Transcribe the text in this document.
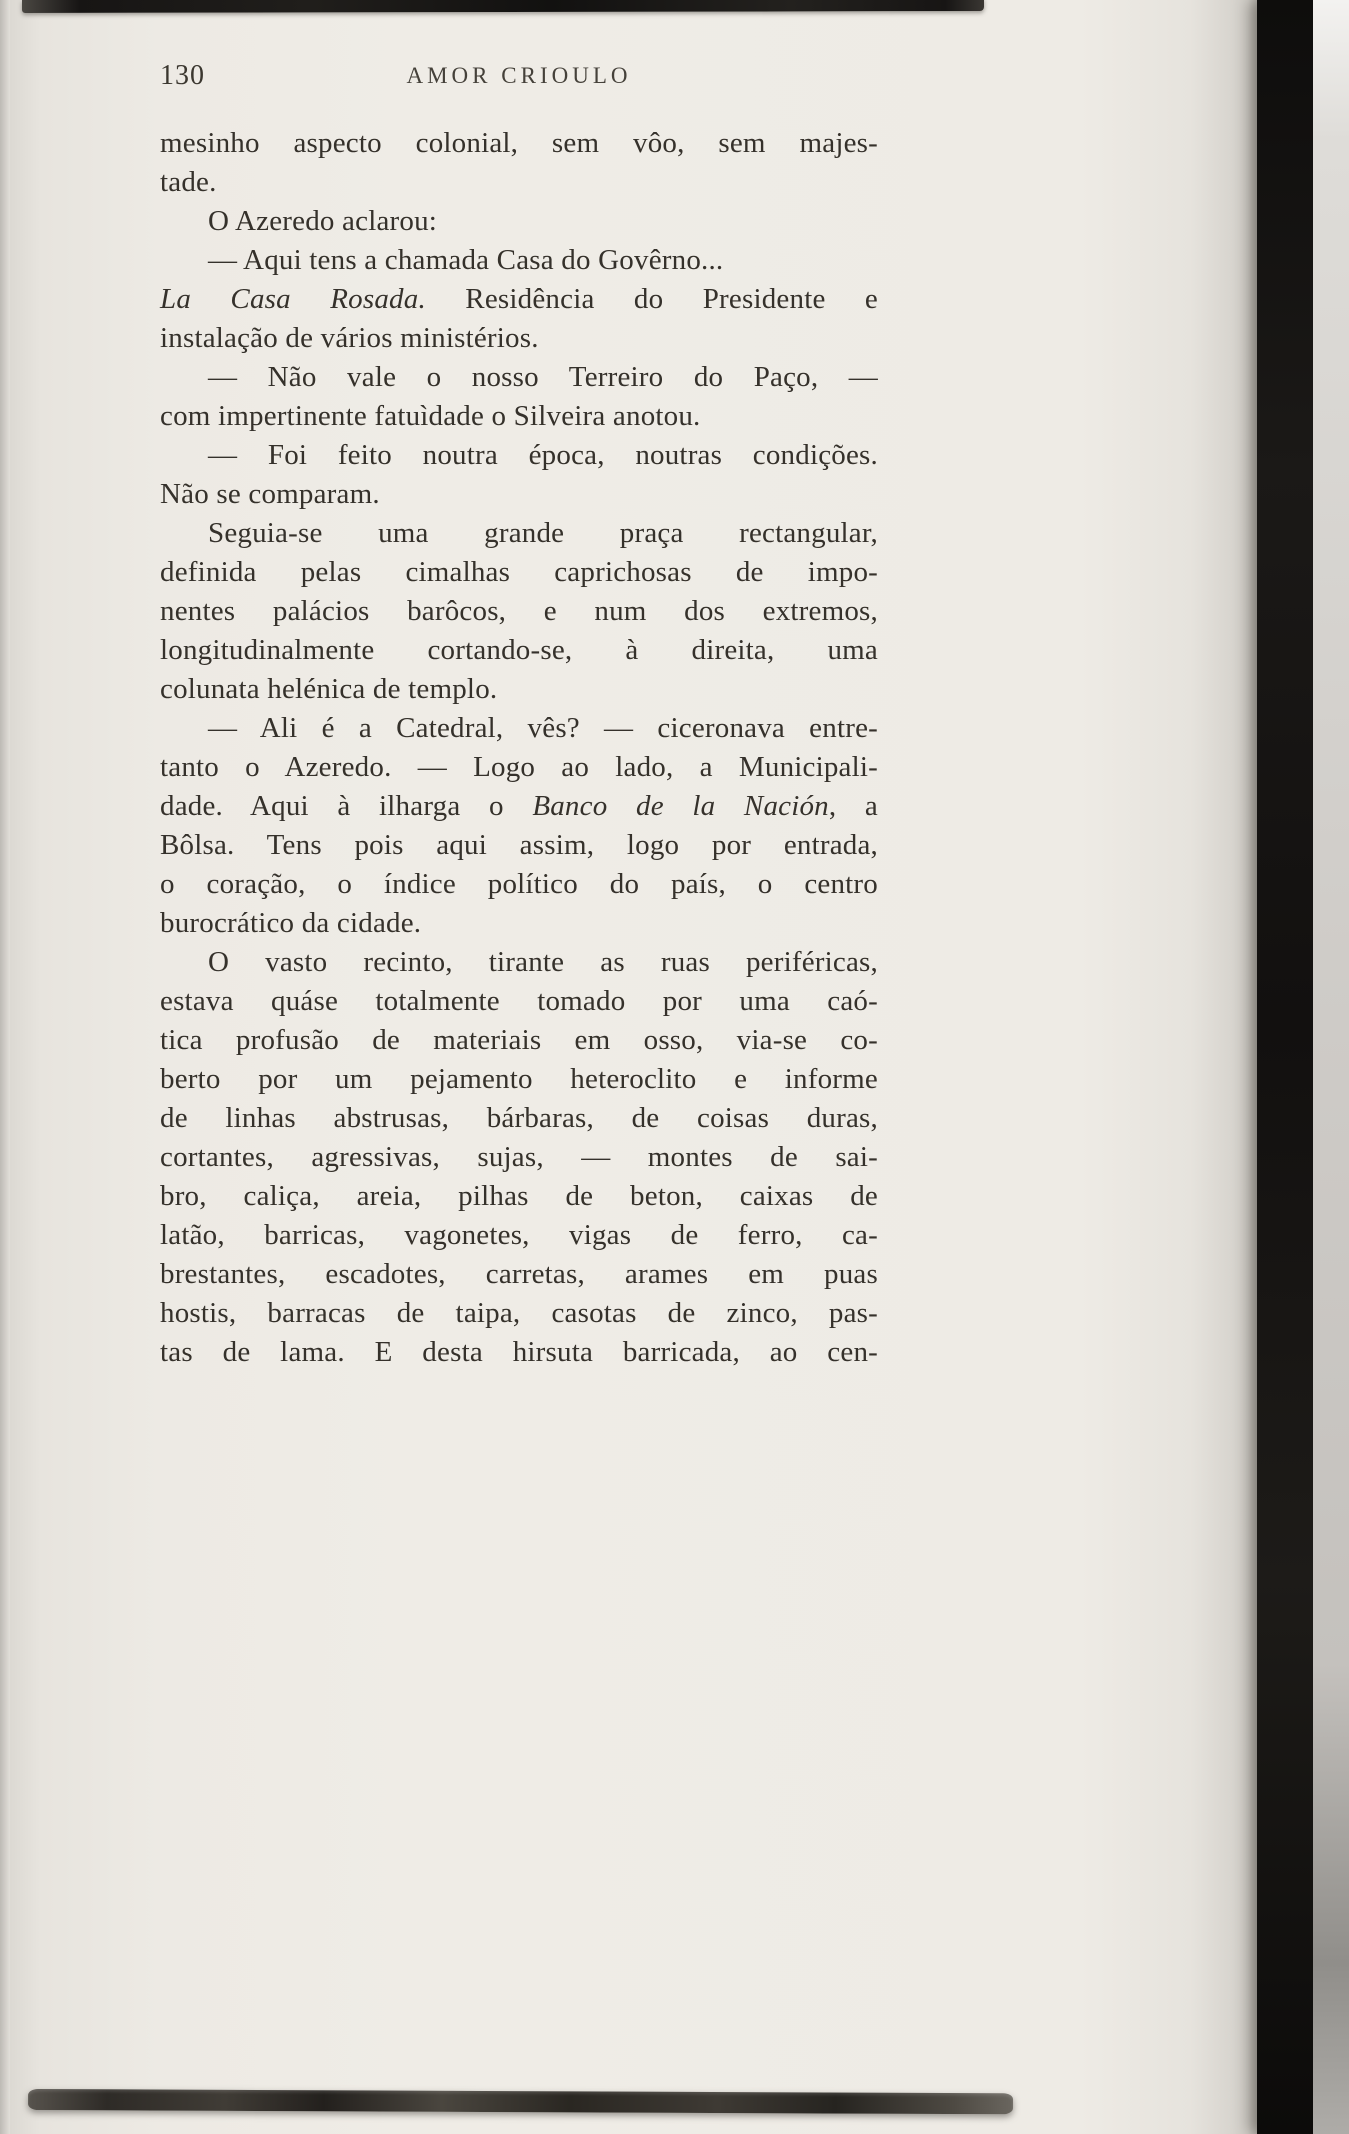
130	AMOR CRIOULO
mesinho aspecto colonial, sem vôo, sem majes-
tade.
O Azeredo aclarou:
— Aqui tens a chamada Casa do Govêrno...
La Casa Rosada. Residência do Presidente e
instalação de vários ministérios.
— Não vale o nosso Terreiro do Paço, —
com impertinente fatuìdade o Silveira anotou.
— Foi feito noutra época, noutras condições.
Não se comparam.
Seguia-se uma grande praça rectangular,
definida pelas cimalhas caprichosas de impo-
nentes palácios barôcos, e num dos extremos,
longitudinalmente cortando-se, à direita, uma
colunata helénica de templo.
— Ali é a Catedral, vês? — ciceronava entre-
tanto o Azeredo. — Logo ao lado, a Municipali-
dade. Aqui à ilharga o Banco de la Nación, a
Bôlsa. Tens pois aqui assim, logo por entrada,
o coração, o índice político do país, o centro
burocrático da cidade.
O vasto recinto, tirante as ruas periféricas,
estava quáse totalmente tomado por uma caó-
tica profusão de materiais em osso, via-se co-
berto por um pejamento heteroclito e informe
de linhas abstrusas, bárbaras, de coisas duras,
cortantes, agressivas, sujas, — montes de sai-
bro, caliça, areia, pilhas de beton, caixas de
latão, barricas, vagonetes, vigas de ferro, ca-
brestantes, escadotes, carretas, arames em puas
hostis, barracas de taipa, casotas de zinco, pas-
tas de lama. E desta hirsuta barricada, ao cen-
